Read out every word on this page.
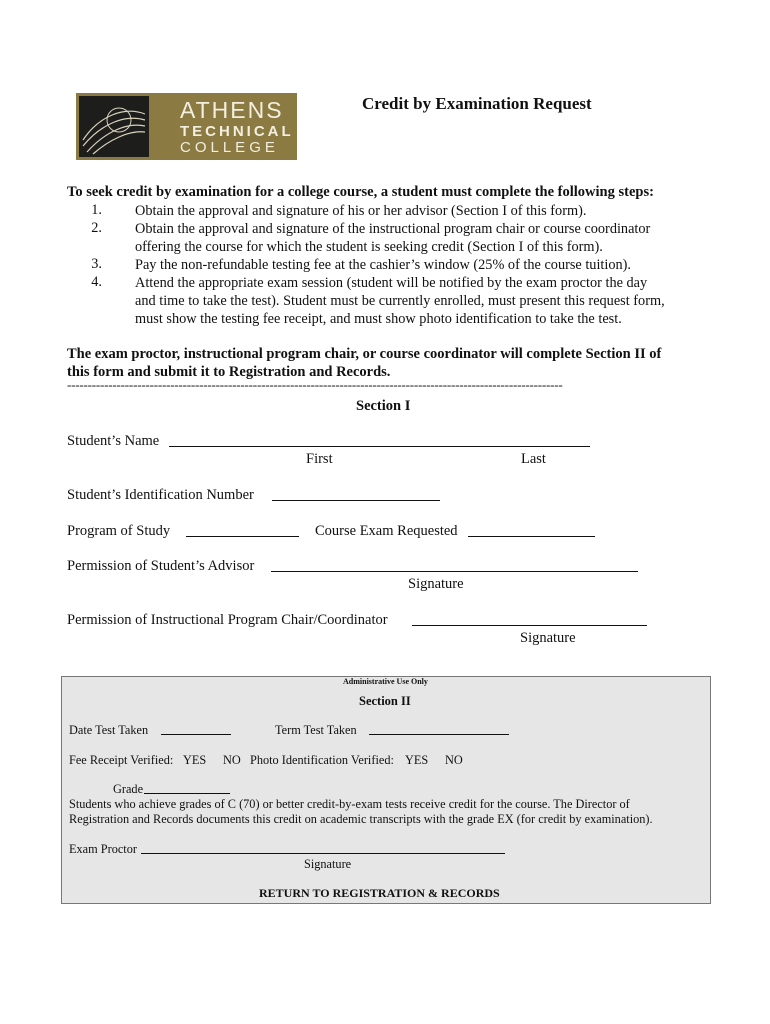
ATHENS
TECHNICAL
COLLEGE
Credit by Examination Request
To seek credit by examination for a college course, a student must complete the following steps:
1. Obtain the approval and signature of his or her advisor (Section I of this form).
2. Obtain the approval and signature of the instructional program chair or course coordinator
offering the course for which the student is seeking credit (Section I of this form).
3. Pay the non-refundable testing fee at the cashier’s window (25% of the course tuition).
4. Attend the appropriate exam session (student will be notified by the exam proctor the day
and time to take the test). Student must be currently enrolled, must present this request form,
must show the testing fee receipt, and must show photo identification to take the test.
The exam proctor, instructional program chair, or course coordinator will complete Section II of
this form and submit it to Registration and Records.
------------------------------------------------------------------------------------------------------------------------
Section I
Student’s Name
First	Last
Student’s Identification Number
Program of Study	Course Exam Requested
Permission of Student’s Advisor
Signature
Permission of Instructional Program Chair/Coordinator
Signature
Administrative Use Only
Section II
Date Test Taken	Term Test Taken
Fee Receipt Verified: YES NO Photo Identification Verified: YES NO
Grade
Students who achieve grades of C (70) or better credit-by-exam tests receive credit for the course. The Director of
Registration and Records documents this credit on academic transcripts with the grade EX (for credit by examination).
Exam Proctor
Signature
RETURN TO REGISTRATION & RECORDS
